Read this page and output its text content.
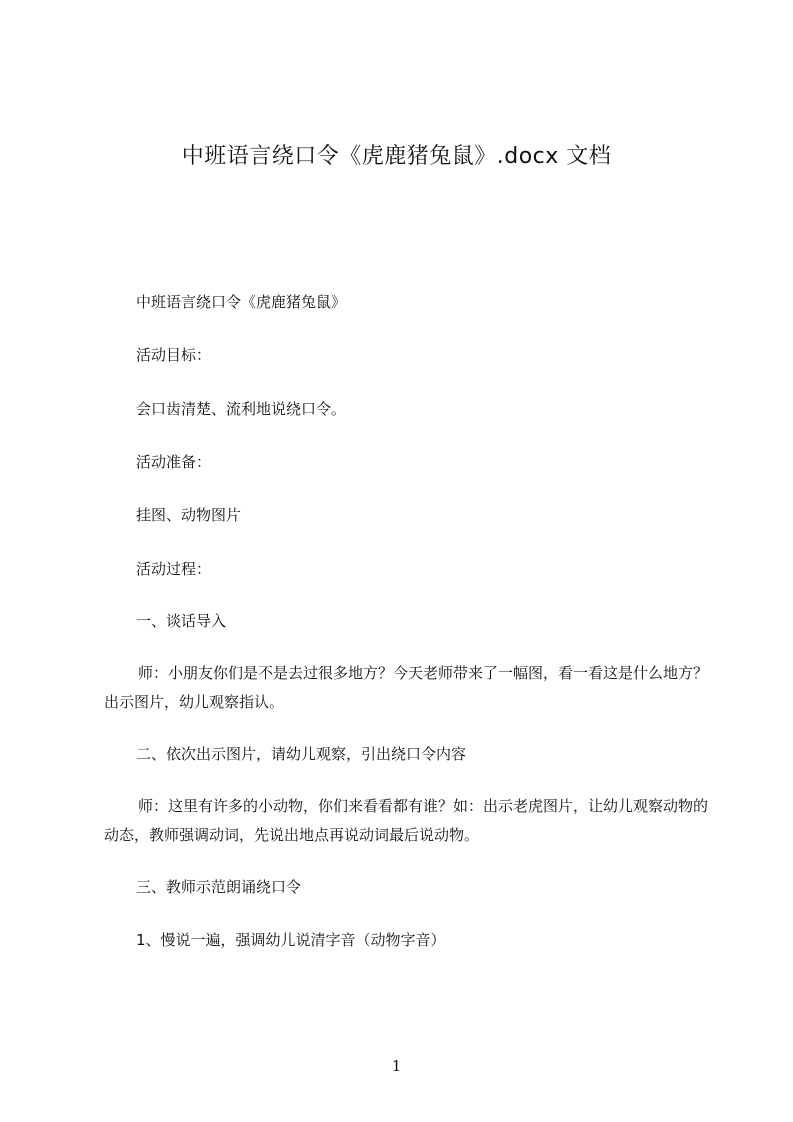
中班语言绕口令《虎鹿猪兔鼠》.docx 文档
中班语言绕口令《虎鹿猪兔鼠》
活动目标：
会口齿清楚、流利地说绕口令。
活动准备：
挂图、动物图片
活动过程：
一、谈话导入
师：小朋友你们是不是去过很多地方？今天老师带来了一幅图，看一看这是什么地方？出示图片，幼儿观察指认。
二、依次出示图片，请幼儿观察，引出绕口令内容
师：这里有许多的小动物，你们来看看都有谁？如：出示老虎图片，让幼儿观察动物的动态，教师强调动词，先说出地点再说动词最后说动物。
三、教师示范朗诵绕口令
1、慢说一遍，强调幼儿说清字音（动物字音）
1
